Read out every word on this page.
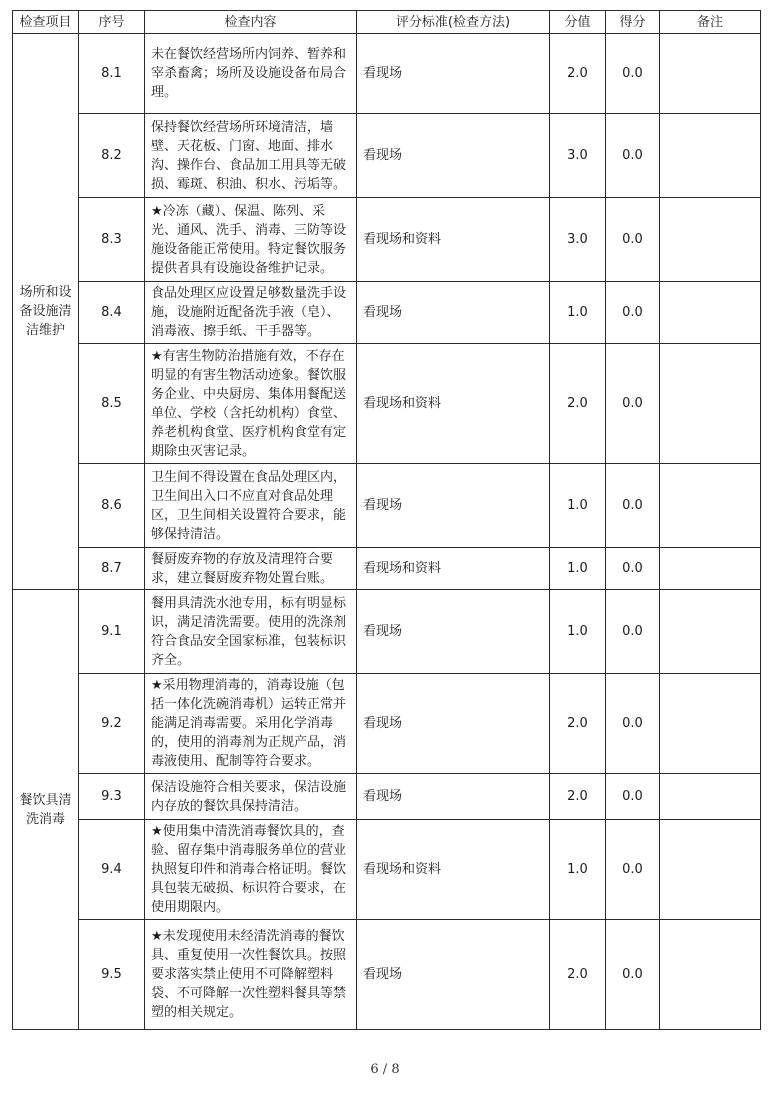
检查项目	序号	检查内容	评分标准(检查方法)	分值	得分	备注
场所和设备设施清洁维护	8.1	未在餐饮经营场所内饲养、暂养和宰杀畜禽；场所及设施设备布局合理。	看现场	2.0	0.0	
	8.2	保持餐饮经营场所环境清洁，墙壁、天花板、门窗、地面、排水沟、操作台、食品加工用具等无破损、霉斑、积油、积水、污垢等。	看现场	3.0	0.0	
	8.3	★冷冻（藏）、保温、陈列、采光、通风、洗手、消毒、三防等设施设备能正常使用。特定餐饮服务提供者具有设施设备维护记录。	看现场和资料	3.0	0.0	
	8.4	食品处理区应设置足够数量洗手设施，设施附近配备洗手液（皂）、消毒液、擦手纸、干手器等。	看现场	1.0	0.0	
	8.5	★有害生物防治措施有效，不存在明显的有害生物活动迹象。餐饮服务企业、中央厨房、集体用餐配送单位、学校（含托幼机构）食堂、养老机构食堂、医疗机构食堂有定期除虫灭害记录。	看现场和资料	2.0	0.0	
	8.6	卫生间不得设置在食品处理区内，卫生间出入口不应直对食品处理区，卫生间相关设置符合要求，能够保持清洁。	看现场	1.0	0.0	
	8.7	餐厨废弃物的存放及清理符合要求，建立餐厨废弃物处置台账。	看现场和资料	1.0	0.0	
餐饮具清洗消毒	9.1	餐用具清洗水池专用，标有明显标识，满足清洗需要。使用的洗涤剂符合食品安全国家标准，包装标识齐全。	看现场	1.0	0.0	
	9.2	★采用物理消毒的，消毒设施（包括一体化洗碗消毒机）运转正常并能满足消毒需要。采用化学消毒的，使用的消毒剂为正规产品，消毒液使用、配制等符合要求。	看现场	2.0	0.0	
	9.3	保洁设施符合相关要求，保洁设施内存放的餐饮具保持清洁。	看现场	2.0	0.0	
	9.4	★使用集中清洗消毒餐饮具的，查验、留存集中消毒服务单位的营业执照复印件和消毒合格证明。餐饮具包装无破损、标识符合要求，在使用期限内。	看现场和资料	1.0	0.0	
	9.5	★未发现使用未经清洗消毒的餐饮具、重复使用一次性餐饮具。按照要求落实禁止使用不可降解塑料袋、不可降解一次性塑料餐具等禁塑的相关规定。	看现场	2.0	0.0	
6 / 8
